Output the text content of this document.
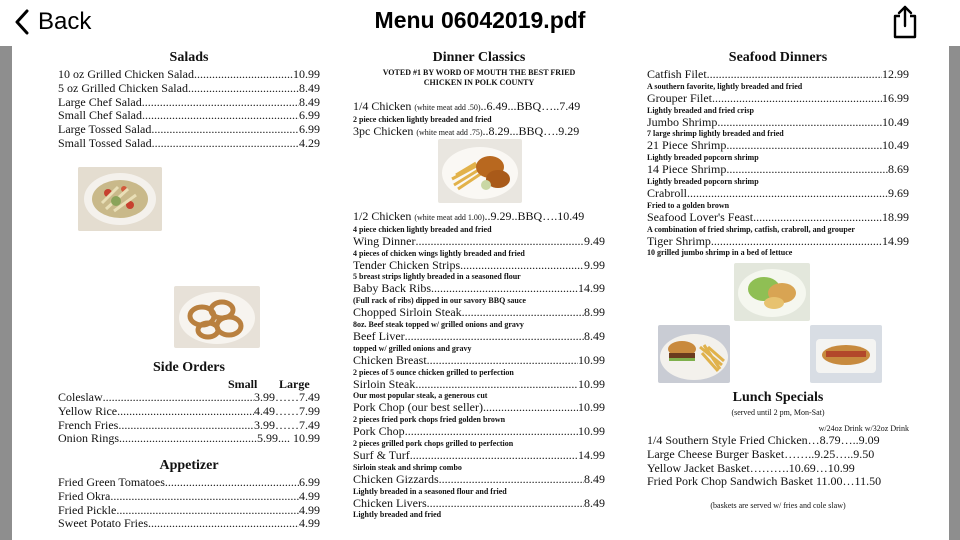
Back	Menu 06042019.pdf
Salads
10 oz Grilled Chicken Salad .....	10.99
5 oz Grilled Chicken Salad .....	8.49
Large Chef Salad .....	8.49
Small Chef Salad .....	6.99
Large Tossed Salad .....	6.99
Small Tossed Salad .....	4.29
Side Orders
Small Large
Coleslaw .....	3.99……7.49
Yellow Rice .....	4.49……7.99
French Fries .....	3.99……7.49
Onion Rings .....	5.99.... 10.99
Appetizer
Fried Green Tomatoes .....	6.99
Fried Okra .....	4.99
Fried Pickle .....	4.99
Sweet Potato Fries .....	4.99
Dinner Classics
VOTED #1 BY WORD OF MOUTH THE BEST FRIED
CHICKEN IN POLK COUNTY
1/4 Chicken (white meat add .50)..6.49...BBQ…..7.49
2 piece chicken lightly breaded and fried
3pc Chicken (white meat add .75)..8.29...BBQ….9.29
1/2 Chicken (white meat add 1.00)..9.29..BBQ….10.49
4 piece chicken lightly breaded and fried
Wing Dinner .....	9.49
4 pieces of chicken wings lightly breaded and fried
Tender Chicken Strips .....	9.99
5 breast strips lightly breaded in a seasoned flour
Baby Back Ribs .....	14.99
(Full rack of ribs) dipped in our savory BBQ sauce
Chopped Sirloin Steak .....	8.99
8oz. Beef steak topped w/ grilled onions and gravy
Beef Liver .....	8.49
topped w/ grilled onions and gravy
Chicken Breast .....	10.99
2 pieces of 5 ounce chicken grilled to perfection
Sirloin Steak .....	10.99
Our most popular steak, a generous cut
Pork Chop (our best seller) .....	10.99
2 pieces fried pork chops fried golden brown
Pork Chop .....	10.99
2 pieces grilled pork chops grilled to perfection
Surf & Turf .....	14.99
Sirloin steak and shrimp combo
Chicken Gizzards .....	8.49
Lightly breaded in a seasoned flour and fried
Chicken Livers .....	8.49
Lightly breaded and fried
Seafood Dinners
Catfish Filet .....	12.99
A southern favorite, lightly breaded and fried
Grouper Filet .....	16.99
Lightly breaded and fried crisp
Jumbo Shrimp .....	10.49
7 large shrimp lightly breaded and fried
21 Piece Shrimp .....	10.49
Lightly breaded popcorn shrimp
14 Piece Shrimp .....	8.69
Lightly breaded popcorn shrimp
Crabroll .....	9.69
Fried to a golden brown
Seafood Lover's Feast .....	18.99
A combination of fried shrimp, catfish, crabroll, and grouper
Tiger Shrimp .....	14.99
10 grilled jumbo shrimp in a bed of lettuce
Lunch Specials
(served until 2 pm, Mon-Sat)
w/24oz Drink w/32oz Drink
1/4 Southern Style Fried Chicken…8.79…..9.09
Large Cheese Burger Basket……..9.25…..9.50
Yellow Jacket Basket……….10.69…10.99
Fried Pork Chop Sandwich Basket 11.00…11.50
(baskets are served w/ fries and cole slaw)
